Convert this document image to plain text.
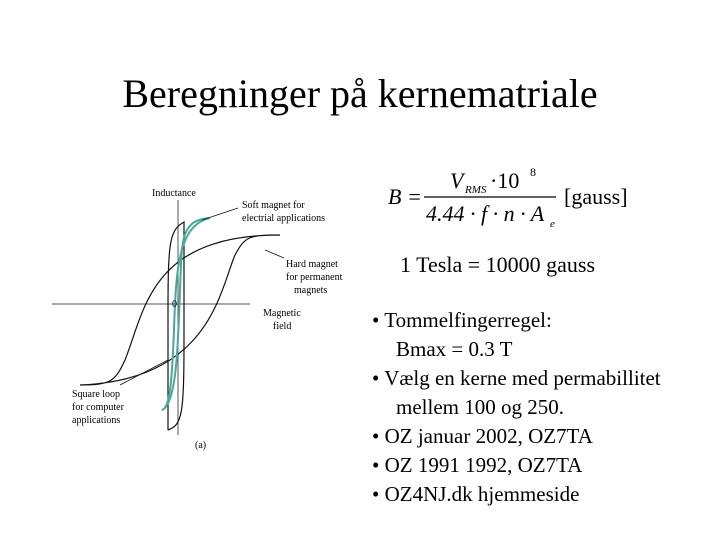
Beregninger på kernematriale
Inductance
0
Magnetic
field
Soft magnet for
electrial applications
Hard magnet
for permanent
magnets
Square loop
for computer
applications
(a)
B =
V RMS ·10 8
4.44 · f · n · A e
[gauss]
1 Tesla = 10000 gauss
• Tommelfingerregel:
Bmax = 0.3 T
• Vælg en kerne med permabillitet
mellem 100 og 250.
• OZ januar 2002, OZ7TA
• OZ 1991 1992, OZ7TA
• OZ4NJ.dk hjemmeside
